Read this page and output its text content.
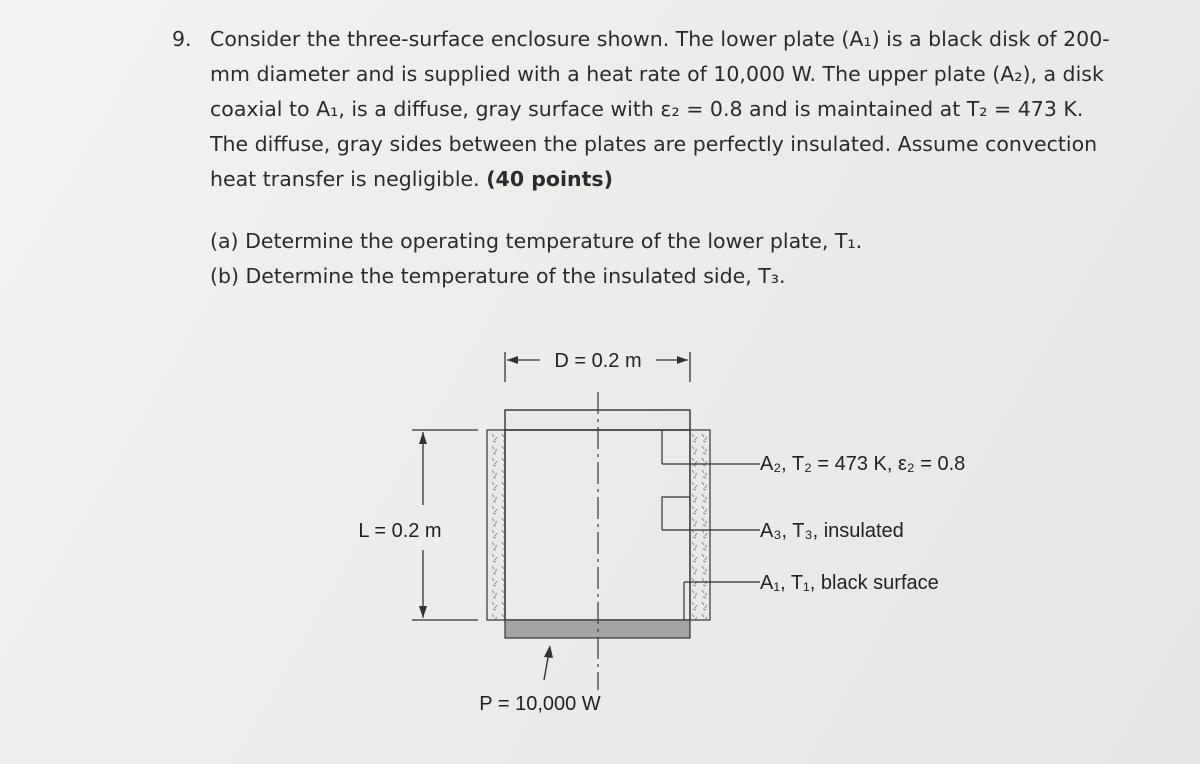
9. Consider the three-surface enclosure shown. The lower plate (A₁) is a black disk of 200-
mm diameter and is supplied with a heat rate of 10,000 W. The upper plate (A₂), a disk
coaxial to A₁, is a diffuse, gray surface with ε₂ = 0.8 and is maintained at T₂ = 473 K.
The diffuse, gray sides between the plates are perfectly insulated. Assume convection
heat transfer is negligible. (40 points)
(a) Determine the operating temperature of the lower plate, T₁.
(b) Determine the temperature of the insulated side, T₃.
D = 0.2 m
L = 0.2 m
A₂, T₂ = 473 K, ε₂ = 0.8
A₃, T₃, insulated
A₁, T₁, black surface
P = 10,000 W
